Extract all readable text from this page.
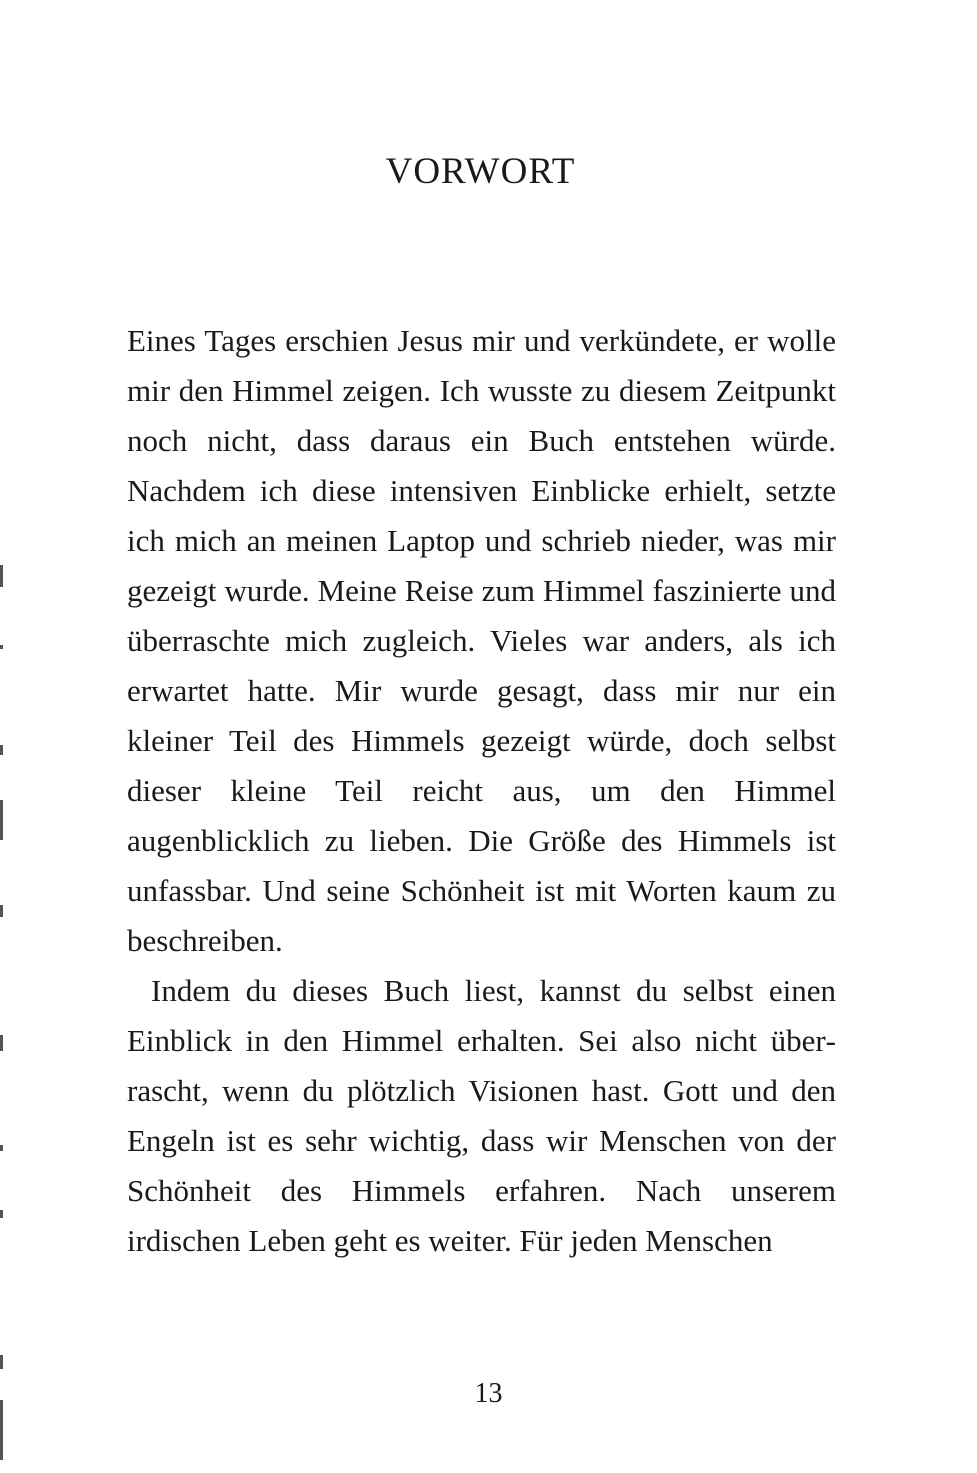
VORWORT

Eines Tages erschien Jesus mir und verkündete, er wolle mir den Himmel zeigen. Ich wusste zu diesem Zeitpunkt noch nicht, dass daraus ein Buch entstehen würde. Nachdem ich diese intensiven Einblicke erhielt, setzte ich mich an meinen Laptop und schrieb nieder, was mir gezeigt wurde. Meine Reise zum Himmel faszinierte und überraschte mich zugleich. Vieles war anders, als ich erwartet hatte. Mir wurde gesagt, dass mir nur ein kleiner Teil des Himmels gezeigt würde, doch selbst dieser kleine Teil reicht aus, um den Himmel augenblicklich zu lieben. Die Größe des Himmels ist unfassbar. Und seine Schönheit ist mit Worten kaum zu beschreiben.

Indem du dieses Buch liest, kannst du selbst einen Einblick in den Himmel erhalten. Sei also nicht überrascht, wenn du plötzlich Visionen hast. Gott und den Engeln ist es sehr wichtig, dass wir Menschen von der Schönheit des Himmels erfahren. Nach unserem irdischen Leben geht es weiter. Für jeden Menschen

13
